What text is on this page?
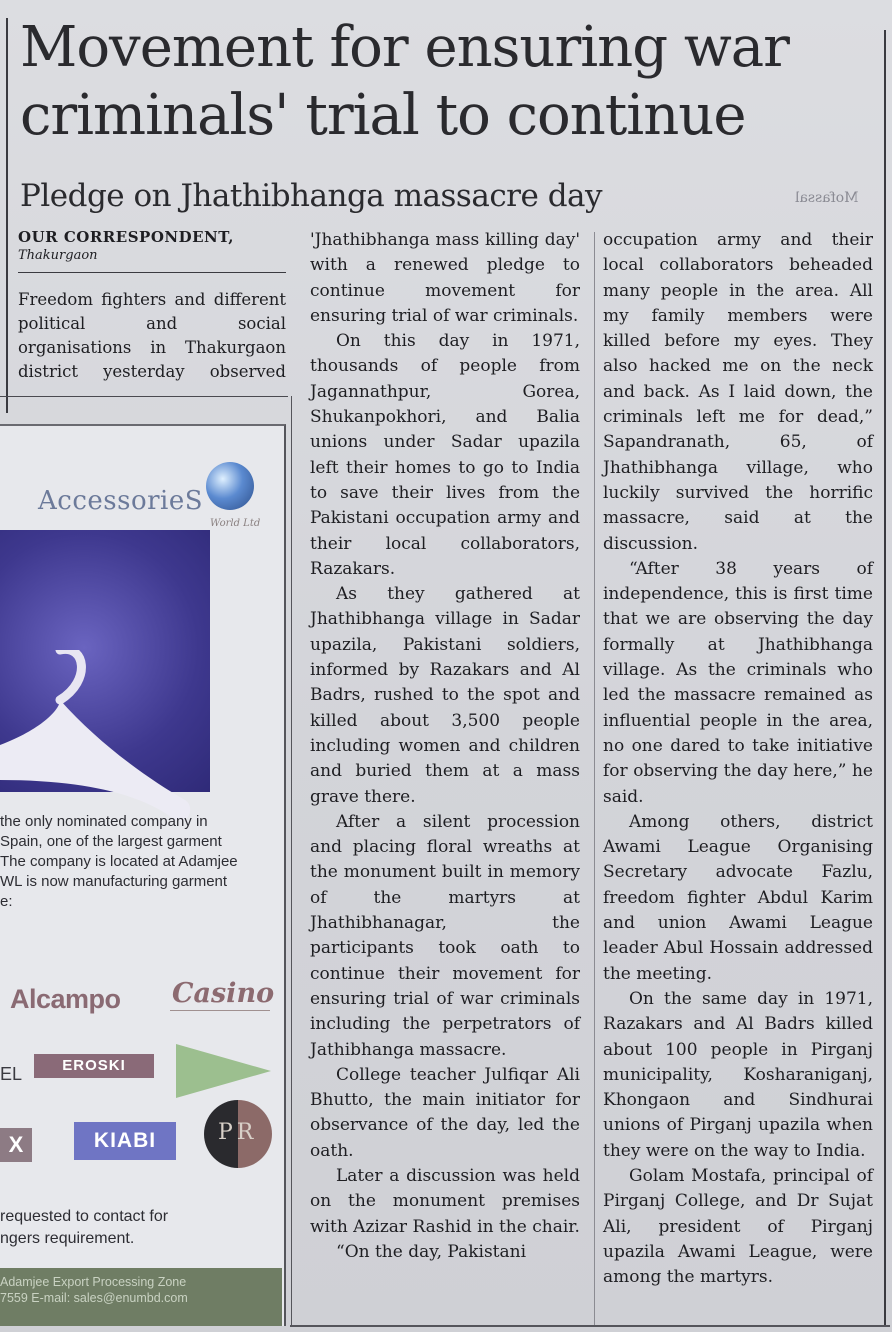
Movement for ensuring war criminals' trial to continue
Pledge on Jhathibhanga massacre day	Mofassal
OUR CORRESPONDENT,
Thakurgaon
Freedom fighters and different political and social organisations in Thakurgaon district yesterday observed

'Jhathibhanga mass killing day' with a renewed pledge to continue movement for ensuring trial of war criminals.

On this day in 1971, thousands of people from Jagannathpur, Gorea, Shukanpokhori, and Balia unions under Sadar upazila left their homes to go to India to save their lives from the Pakistani occupation army and their local collaborators, Razakars.

As they gathered at Jhathibhanga village in Sadar upazila, Pakistani soldiers, informed by Razakars and Al Badrs, rushed to the spot and killed about 3,500 people including women and children and buried them at a mass grave there.

After a silent procession and placing floral wreaths at the monument built in memory of the martyrs at Jhathibhanagar, the participants took oath to continue their movement for ensuring trial of war criminals including the perpetrators of Jathibhanga massacre.

College teacher Julfiqar Ali Bhutto, the main initiator for observance of the day, led the oath.

Later a discussion was held on the monument premises with Azizar Rashid in the chair.

“On the day, Pakistani

occupation army and their local collaborators beheaded many people in the area. All my family members were killed before my eyes. They also hacked me on the neck and back. As I laid down, the criminals left me for dead,” Sapandranath, 65, of Jhathibhanga village, who luckily survived the horrific massacre, said at the discussion.

“After 38 years of independence, this is first time that we are observing the day formally at Jhathibhanga village. As the criminals who led the massacre remained as influential people in the area, no one dared to take initiative for observing the day here,” he said.

Among others, district Awami League Organising Secretary advocate Fazlu, freedom fighter Abdul Karim and union Awami League leader Abul Hossain addressed the meeting.

On the same day in 1971, Razakars and Al Badrs killed about 100 people in Pirganj municipality, Kosharaniganj, Khongaon and Sindhurai unions of Pirganj upazila when they were on the way to India.

Golam Mostafa, principal of Pirganj College, and Dr Sujat Ali, president of Pirganj upazila Awami League, were among the martyrs.

AccessorieS
World Ltd
the only nominated company in
Spain, one of the largest garment
The company is located at Adamjee
WL is now manufacturing garment
e:
Alcampo Casino
EL	EROSKI
X	KIABI	PR
requested to contact for
ngers requirement.
Adamjee Export Processing Zone
7559 E-mail: sales@enumbd.com
